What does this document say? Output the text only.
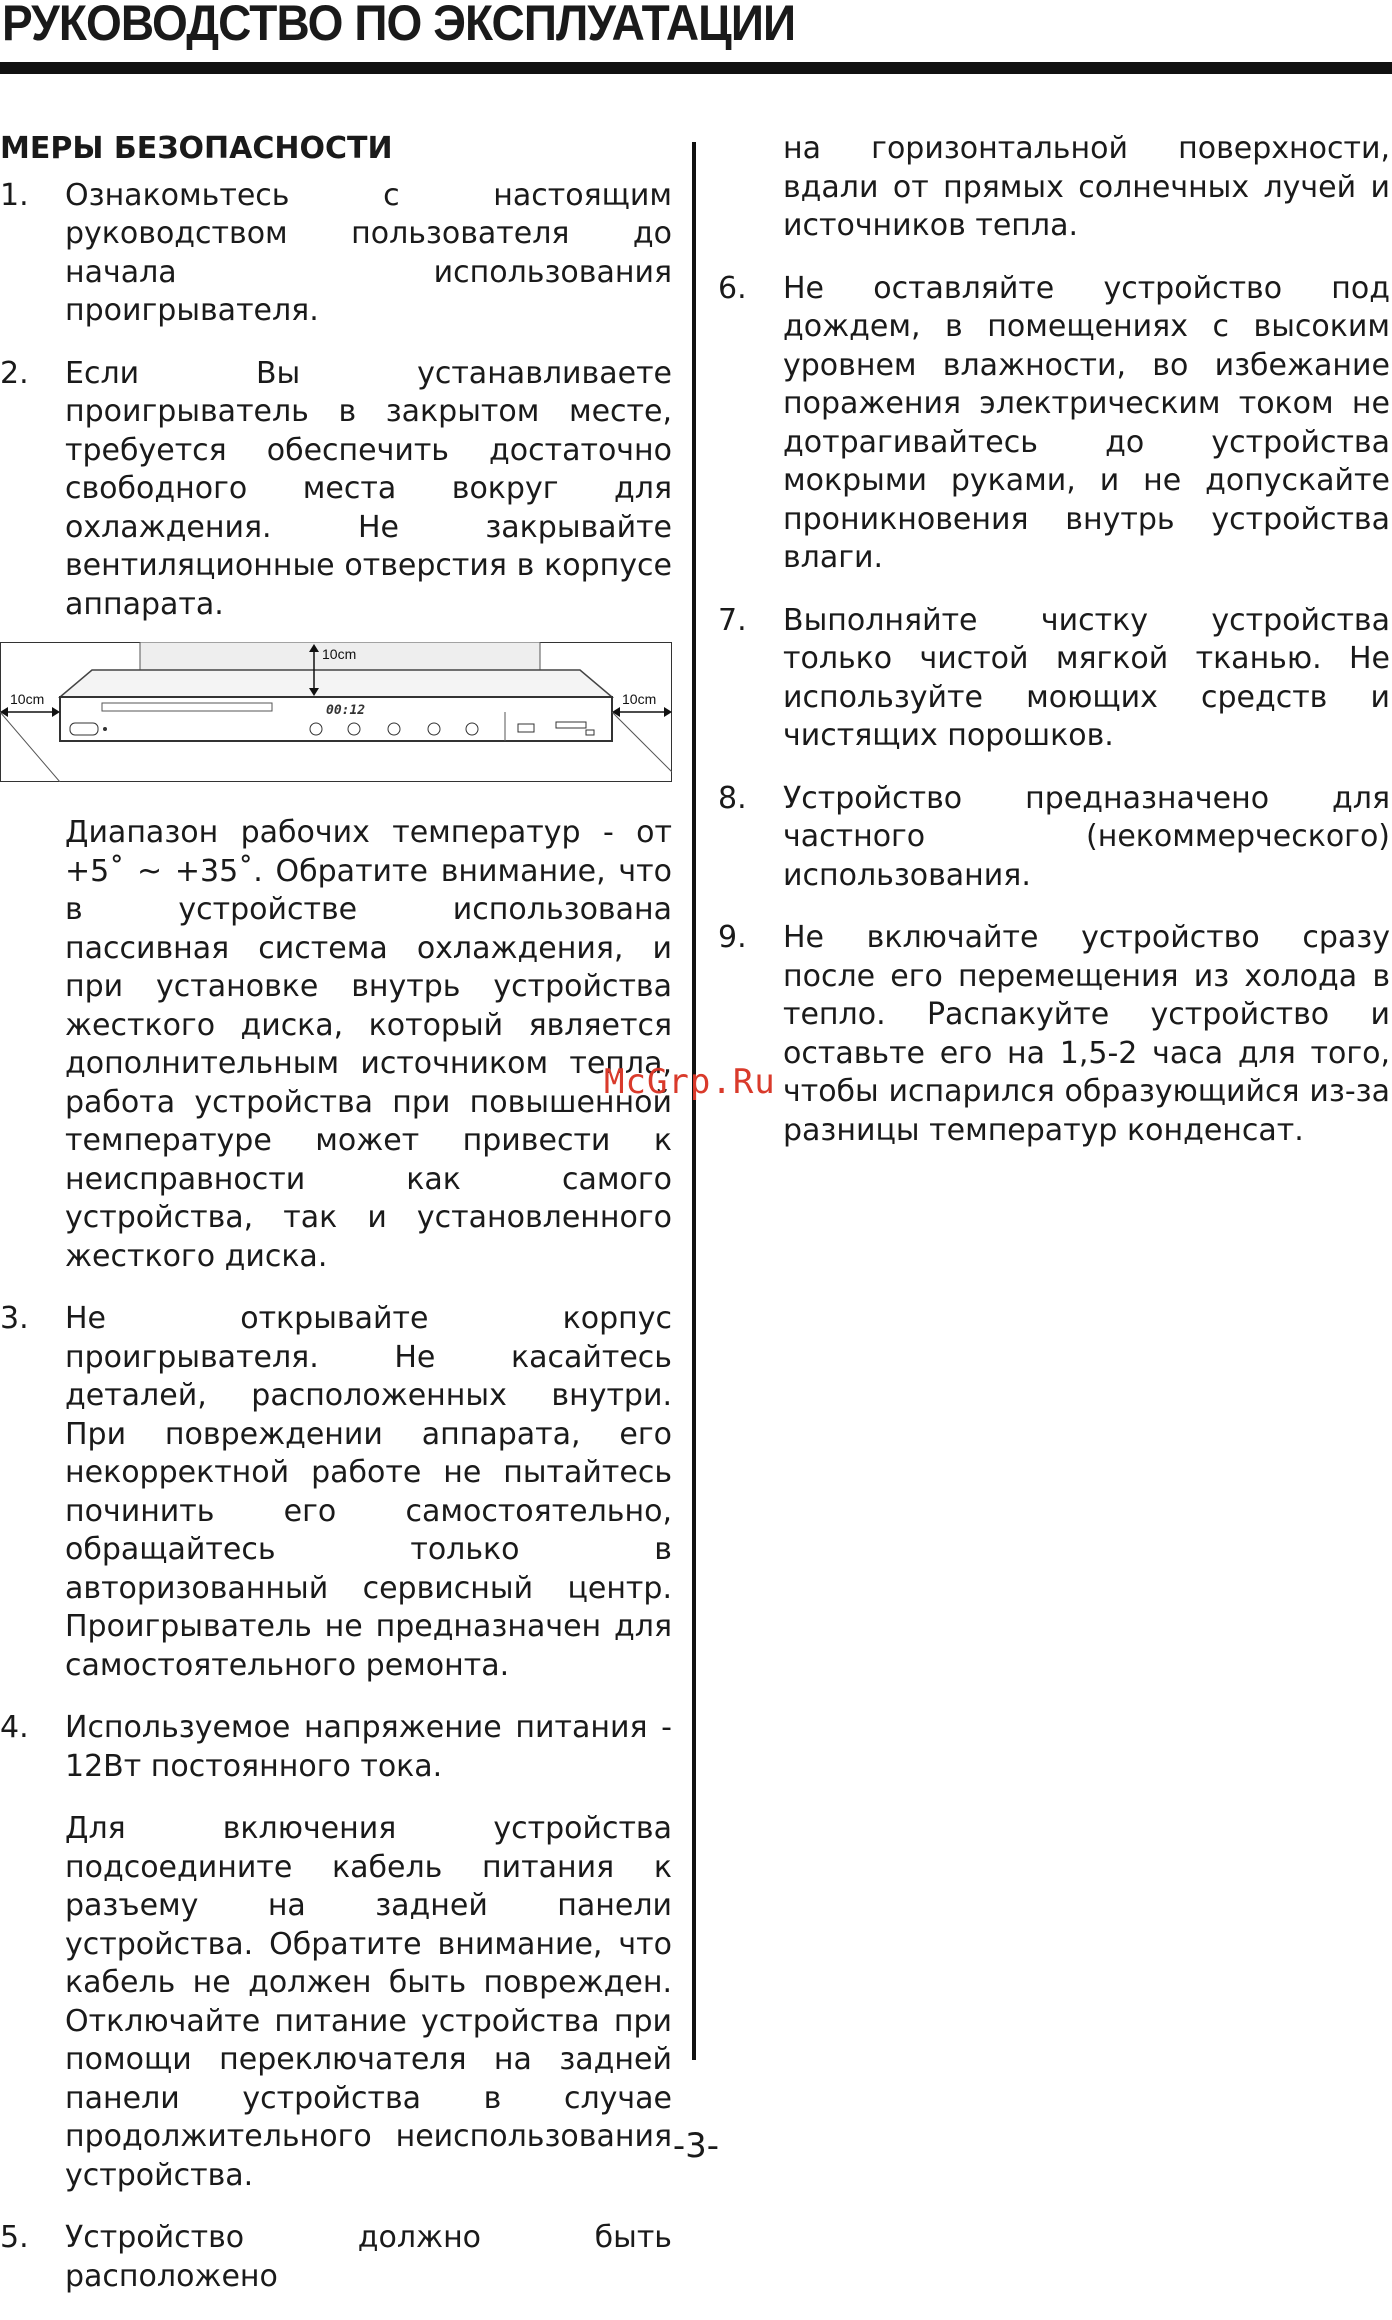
РУКОВОДСТВО ПО ЭКСПЛУАТАЦИИ
МЕРЫ БЕЗОПАСНОСТИ
1.	Ознакомьтесь с настоящим руководством пользователя до начала использования проигрывателя.
2.	Если Вы устанавливаете проигрыватель в закрытом месте, требуется обеспечить достаточно свободного места вокруг для охлаждения. Не закрывайте вентиляционные отверстия в корпусе аппарата.
00:12
10cm
10cm	10cm
Диапазон рабочих температур - от +5˚ ~ +35˚. Обратите внимание, что в устройстве использована пассивная система охлаждения, и при установке внутрь устройства жесткого диска, который является дополнительным источником тепла, работа устройства при повышенной температуре может привести к неисправности как самого устройства, так и установленного жесткого диска.
3.	Не открывайте корпус проигрывателя. Не касайтесь деталей, расположенных внутри. При повреждении аппарата, его некорректной работе не пытайтесь починить его самостоятельно, обращайтесь только в авторизованный сервисный центр. Проигрыватель не предназначен для самостоятельного ремонта.
4.	Используемое напряжение питания - 12Вт постоянного тока.
Для включения устройства подсоедините кабель питания к разъему на задней панели устройства. Обратите внимание, что кабель не должен быть поврежден. Отключайте питание устройства при помощи переключателя на задней панели устройства в случае продолжительного неиспользования устройства.
5.	Устройство должно быть расположено
на горизонтальной поверхности, вдали от прямых солнечных лучей и источников тепла.
6.	Не оставляйте устройство под дождем, в помещениях с высоким уровнем влажности, во избежание поражения электрическим током не дотрагивайтесь до устройства мокрыми руками, и не допускайте проникновения внутрь устройства влаги.
7.	Выполняйте чистку устройства только чистой мягкой тканью. Не используйте моющих средств и чистящих порошков.
8.	Устройство предназначено для частного (некоммерческого) использования.
9.	Не включайте устройство сразу после его перемещения из холода в тепло. Распакуйте устройство и оставьте его на 1,5-2 часа для того, чтобы испарился образующийся из-за разницы температур конденсат.
McGrp.Ru
-3-
